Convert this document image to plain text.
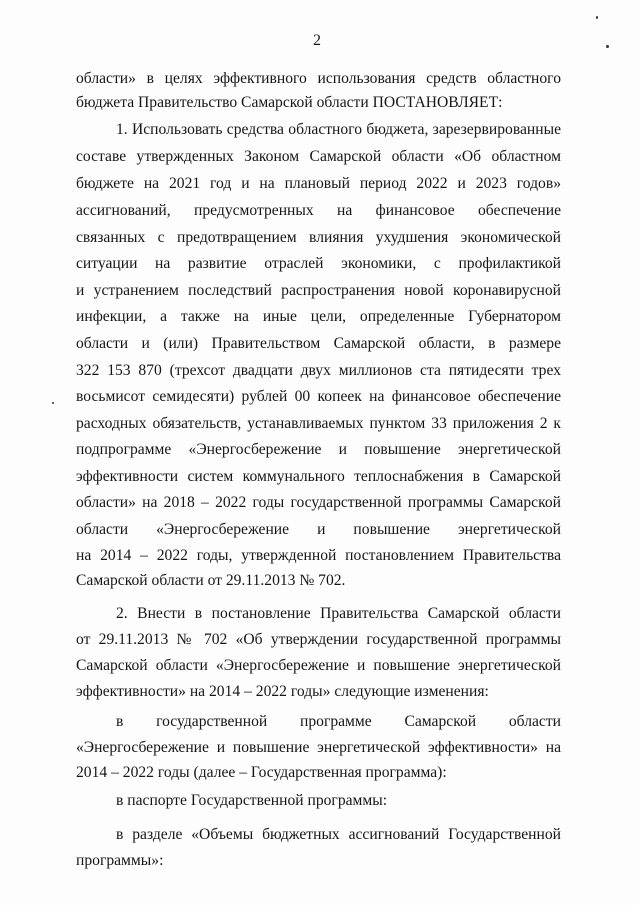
2
области» в целях эффективного использования средств областного
бюджета Правительство Самарской области ПОСТАНОВЛЯЕТ:
1. Использовать средства областного бюджета, зарезервированные
составе утвержденных Законом Самарской области «Об областном
бюджете на 2021 год и на плановый период 2022 и 2023 годов»
ассигнований, предусмотренных на финансовое обеспечение
связанных с предотвращением влияния ухудшения экономической
ситуации на развитие отраслей экономики, с профилактикой
и устранением последствий распространения новой коронавирусной
инфекции, а также на иные цели, определенные Губернатором
области и (или) Правительством Самарской области, в размере
322 153 870 (трехсот двадцати двух миллионов ста пятидесяти трех
восьмисот семидесяти) рублей 00 копеек на финансовое обеспечение
расходных обязательств, устанавливаемых пунктом 33 приложения 2 к
подпрограмме «Энергосбережение и повышение энергетической
эффективности систем коммунального теплоснабжения в Самарской
области» на 2018 – 2022 годы государственной программы Самарской
области «Энергосбережение и повышение энергетической
на 2014 – 2022 годы, утвержденной постановлением Правительства
Самарской области от 29.11.2013 № 702.
2. Внести в постановление Правительства Самарской области
от 29.11.2013 № 702 «Об утверждении государственной программы
Самарской области «Энергосбережение и повышение энергетической
эффективности» на 2014 – 2022 годы» следующие изменения:
в государственной программе Самарской области
«Энергосбережение и повышение энергетической эффективности» на
2014 – 2022 годы (далее – Государственная программа):
в паспорте Государственной программы:
в разделе «Объемы бюджетных ассигнований Государственной
программы»:
